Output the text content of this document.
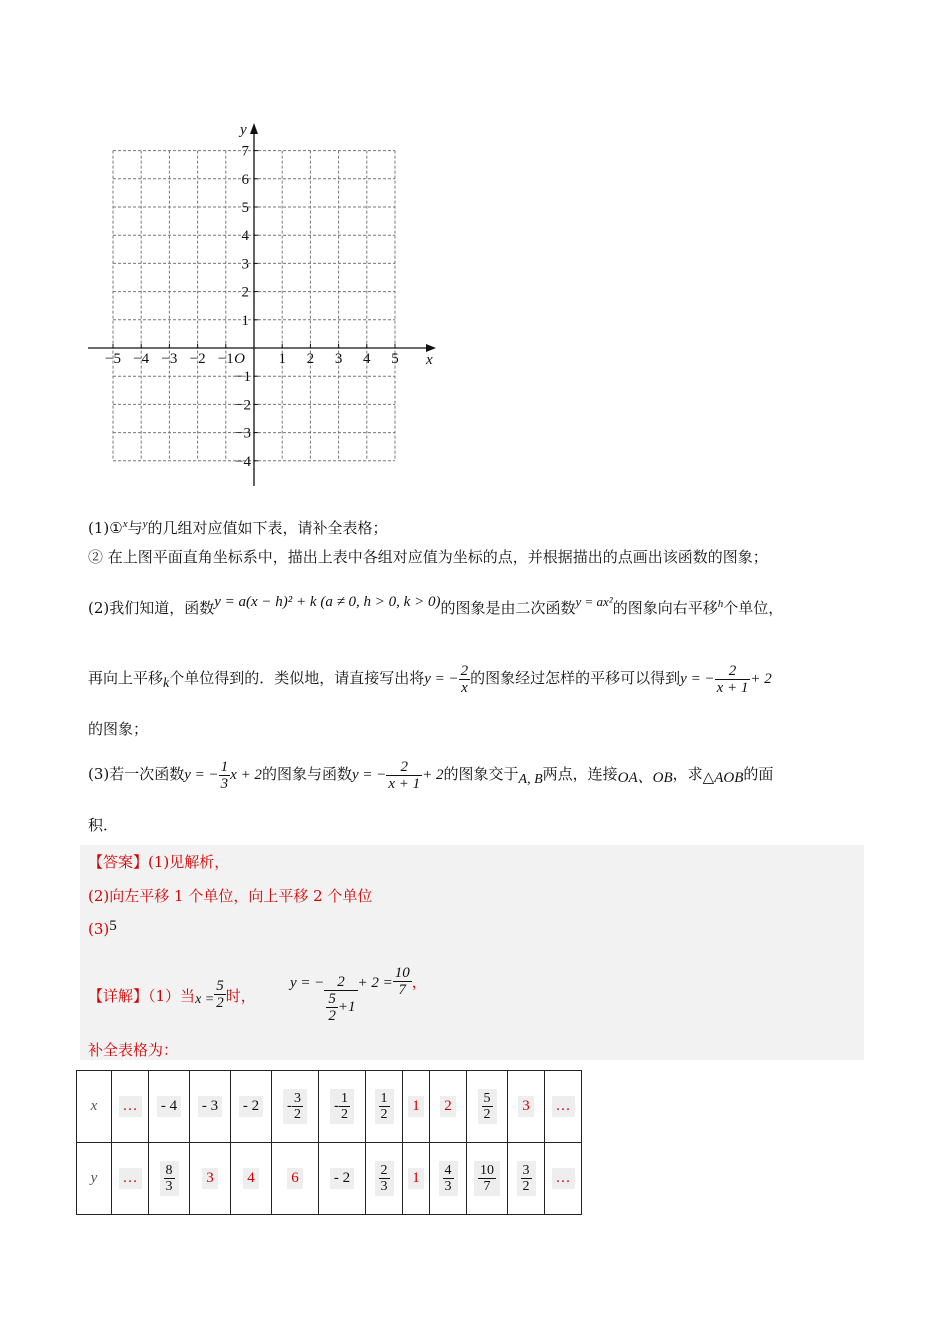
−5 −4 −3 −2 −1	1 2 3 4 5
7
6
5
4
3
2
1
−1
−2
−3
−4
O	x
y
(1)①$^x$与$^y$的几组对应值如下表，请补全表格；
② 在上图平面直角坐标系中，描出上表中各组对应值为坐标的点，并根据描出的点画出该函数的图象；
(2)我们知道，函数y = a(x − h)² + k (a ≠ 0, h > 0, k > 0)的图象是由二次函数y = ax²的图象向右平移$^h$个单位，
再向上平移$_k$个单位得到的．类似地，请直接写出将y = − $\frac{2}{x}$ 的图象经过怎样的平移可以得到y = − $\frac{2}{x + 1} + 2$
的图象；
(3)若一次函数y = − $\frac{1}{3}$ x + 2的图象与函数y = − $\frac{2}{x + 1} + 2$的图象交于$_{A, B}$两点，连接OA、OB，求△AOB的面
积．
【答案】(1)见解析，
(2)向左平移 1 个单位，向上平移 2 个单位
(3)5
【详解】（1）当$x = \frac{5}{2}$ 时，
y = − $\frac{2}{\frac{5}{2} +1} + 2 = \frac{10}{7}$ ，
补全表格为：
x	…	- 4	- 3	- 2	- $\frac{3}{2}$	- $\frac{1}{2}$	$\frac{1}{2}$	1	2	$\frac{5}{2}$	3	…
y	…	$\frac{8}{3}$	3	4	6	- 2	$\frac{2}{3}$	1	$\frac{4}{3}$	$\frac{10}{7}$	$\frac{3}{2}$	…
